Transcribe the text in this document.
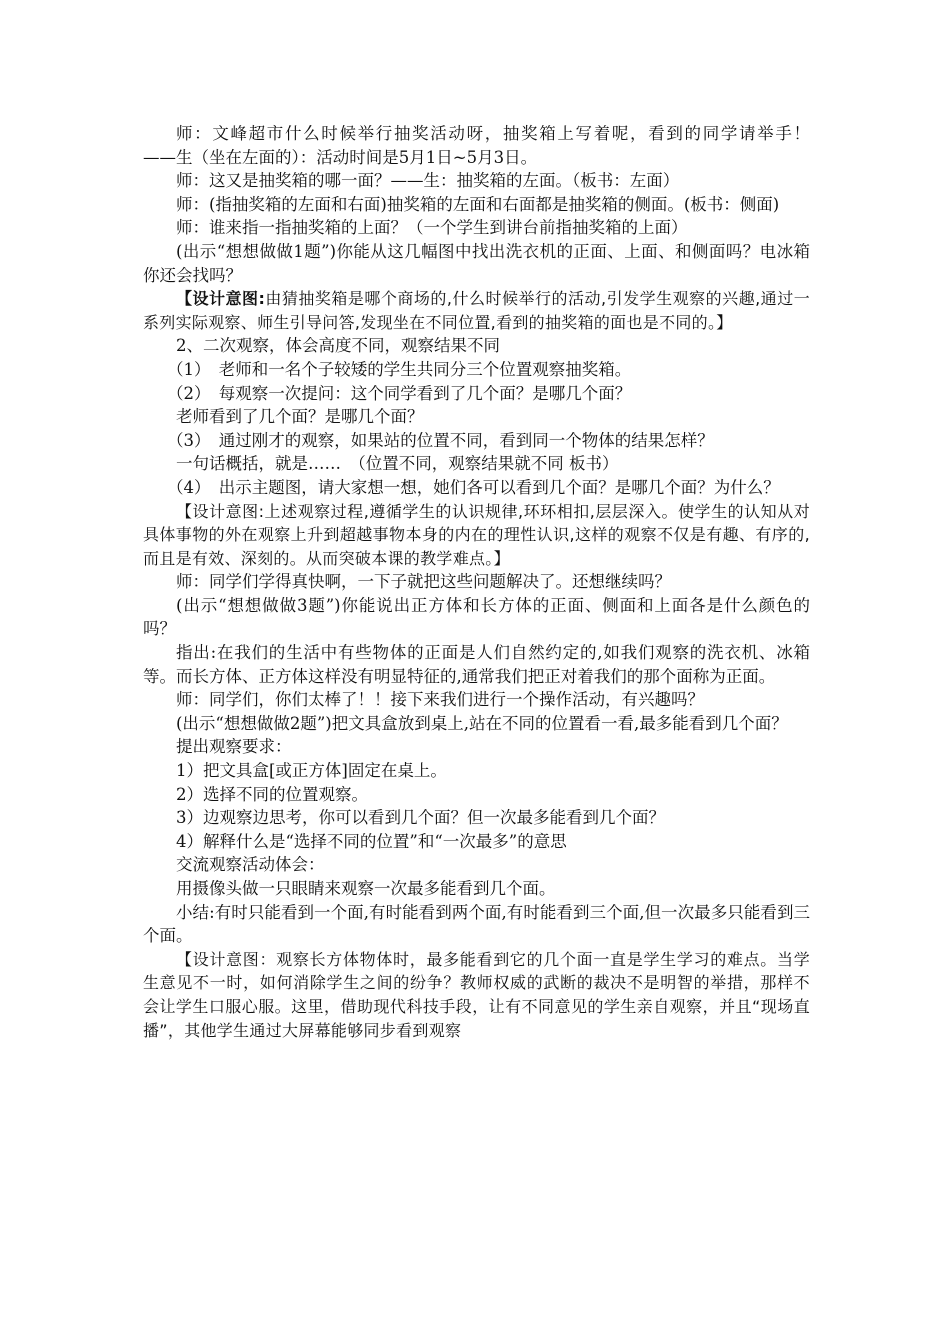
师：文峰超市什么时候举行抽奖活动呀，抽奖箱上写着呢，看到的同学请举手！　　　——生（坐在左面的）：活动时间是5月1日~5月3日。

师：这又是抽奖箱的哪一面？——生：抽奖箱的左面。（板书：左面）

师：(指抽奖箱的左面和右面)抽奖箱的左面和右面都是抽奖箱的侧面。(板书：侧面)

师：谁来指一指抽奖箱的上面？（一个学生到讲台前指抽奖箱的上面）

(出示“想想做做1题”)你能从这几幅图中找出洗衣机的正面、上面、和侧面吗？电冰箱你还会找吗？

【设计意图:由猜抽奖箱是哪个商场的,什么时候举行的活动,引发学生观察的兴趣,通过一系列实际观察、师生引导问答,发现坐在不同位置,看到的抽奖箱的面也是不同的。】

2、二次观察，体会高度不同，观察结果不同

（1）　老师和一名个子较矮的学生共同分三个位置观察抽奖箱。

（2）　每观察一次提问：这个同学看到了几个面？是哪几个面？

老师看到了几个面？是哪几个面？

（3）　通过刚才的观察，如果站的位置不同，看到同一个物体的结果怎样？

一句话概括，就是……　（位置不同，观察结果就不同 板书）

（4）　出示主题图，请大家想一想，她们各可以看到几个面？是哪几个面？为什么？

【设计意图:上述观察过程,遵循学生的认识规律,环环相扣,层层深入。使学生的认知从对具体事物的外在观察上升到超越事物本身的内在的理性认识,这样的观察不仅是有趣、有序的,而且是有效、深刻的。从而突破本课的教学难点。】

师：同学们学得真快啊，一下子就把这些问题解决了。还想继续吗？

(出示“想想做做3题”)你能说出正方体和长方体的正面、侧面和上面各是什么颜色的吗？

指出:在我们的生活中有些物体的正面是人们自然约定的,如我们观察的洗衣机、冰箱等。而长方体、正方体这样没有明显特征的,通常我们把正对着我们的那个面称为正面。

师：同学们，你们太棒了！！接下来我们进行一个操作活动，有兴趣吗？

(出示“想想做做2题”)把文具盒放到桌上,站在不同的位置看一看,最多能看到几个面？

提出观察要求：

1）把文具盒[或正方体]固定在桌上。

2）选择不同的位置观察。

3）边观察边思考，你可以看到几个面？但一次最多能看到几个面？

4）解释什么是“选择不同的位置”和“一次最多”的意思

交流观察活动体会：

用摄像头做一只眼睛来观察一次最多能看到几个面。

小结:有时只能看到一个面,有时能看到两个面,有时能看到三个面,但一次最多只能看到三个面。

【设计意图：观察长方体物体时，最多能看到它的几个面一直是学生学习的难点。当学生意见不一时，如何消除学生之间的纷争？教师权威的武断的裁决不是明智的举措，那样不会让学生口服心服。这里，借助现代科技手段，让有不同意见的学生亲自观察，并且“现场直播”，其他学生通过大屏幕能够同步看到观察
